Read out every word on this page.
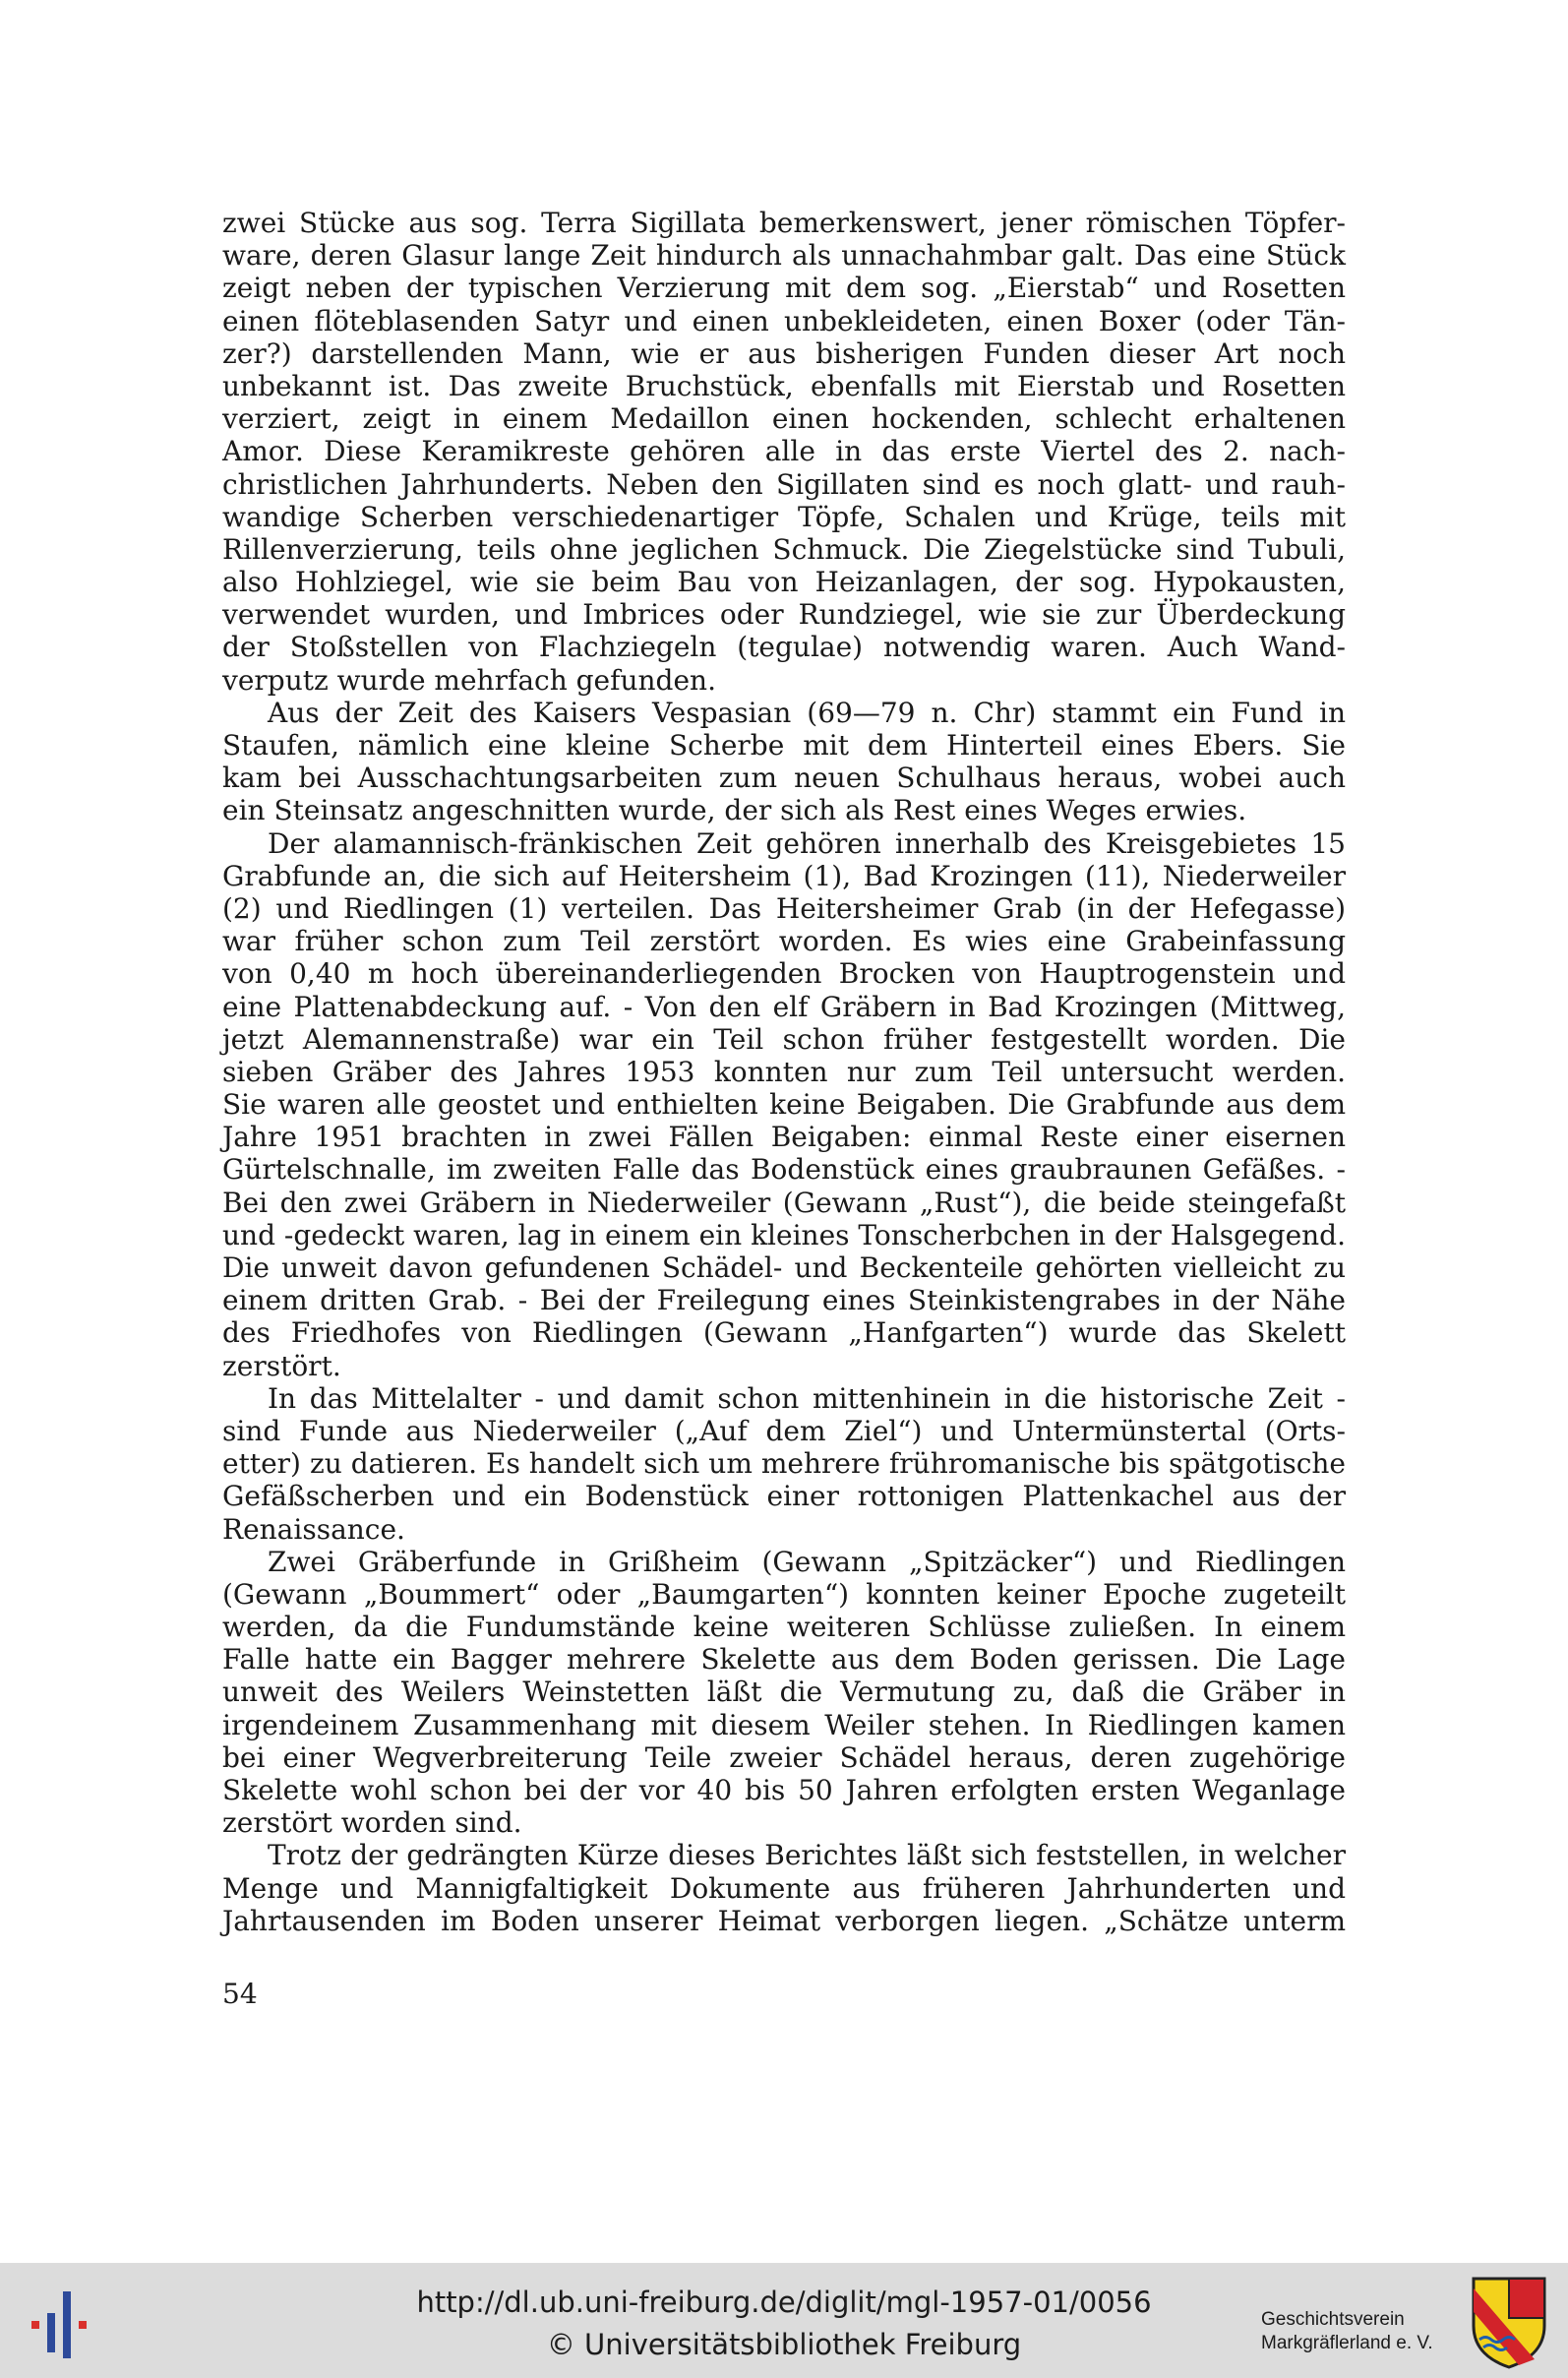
zwei Stücke aus sog. Terra Sigillata bemerkenswert, jener römischen Töpfer-
ware, deren Glasur lange Zeit hindurch als unnachahmbar galt. Das eine Stück
zeigt neben der typischen Verzierung mit dem sog. „Eierstab“ und Rosetten
einen flöteblasenden Satyr und einen unbekleideten, einen Boxer (oder Tän-
zer?) darstellenden Mann, wie er aus bisherigen Funden dieser Art noch
unbekannt ist. Das zweite Bruchstück, ebenfalls mit Eierstab und Rosetten
verziert, zeigt in einem Medaillon einen hockenden, schlecht erhaltenen
Amor. Diese Keramikreste gehören alle in das erste Viertel des 2. nach-
christlichen Jahrhunderts. Neben den Sigillaten sind es noch glatt- und rauh-
wandige Scherben verschiedenartiger Töpfe, Schalen und Krüge, teils mit
Rillenverzierung, teils ohne jeglichen Schmuck. Die Ziegelstücke sind Tubuli,
also Hohlziegel, wie sie beim Bau von Heizanlagen, der sog. Hypokausten,
verwendet wurden, und Imbrices oder Rundziegel, wie sie zur Überdeckung
der Stoßstellen von Flachziegeln (tegulae) notwendig waren. Auch Wand-
verputz wurde mehrfach gefunden.
Aus der Zeit des Kaisers Vespasian (69—79 n. Chr) stammt ein Fund in
Staufen, nämlich eine kleine Scherbe mit dem Hinterteil eines Ebers. Sie
kam bei Ausschachtungsarbeiten zum neuen Schulhaus heraus, wobei auch
ein Steinsatz angeschnitten wurde, der sich als Rest eines Weges erwies.
Der alamannisch-fränkischen Zeit gehören innerhalb des Kreisgebietes 15
Grabfunde an, die sich auf Heitersheim (1), Bad Krozingen (11), Niederweiler
(2) und Riedlingen (1) verteilen. Das Heitersheimer Grab (in der Hefegasse)
war früher schon zum Teil zerstört worden. Es wies eine Grabeinfassung
von 0,40 m hoch übereinanderliegenden Brocken von Hauptrogenstein und
eine Plattenabdeckung auf. - Von den elf Gräbern in Bad Krozingen (Mittweg,
jetzt Alemannenstraße) war ein Teil schon früher festgestellt worden. Die
sieben Gräber des Jahres 1953 konnten nur zum Teil untersucht werden.
Sie waren alle geostet und enthielten keine Beigaben. Die Grabfunde aus dem
Jahre 1951 brachten in zwei Fällen Beigaben: einmal Reste einer eisernen
Gürtelschnalle, im zweiten Falle das Bodenstück eines graubraunen Gefäßes. -
Bei den zwei Gräbern in Niederweiler (Gewann „Rust“), die beide steingefaßt
und -gedeckt waren, lag in einem ein kleines Tonscherbchen in der Halsgegend.
Die unweit davon gefundenen Schädel- und Beckenteile gehörten vielleicht zu
einem dritten Grab. - Bei der Freilegung eines Steinkistengrabes in der Nähe
des Friedhofes von Riedlingen (Gewann „Hanfgarten“) wurde das Skelett
zerstört.
In das Mittelalter - und damit schon mittenhinein in die historische Zeit -
sind Funde aus Niederweiler („Auf dem Ziel“) und Untermünstertal (Orts-
etter) zu datieren. Es handelt sich um mehrere frühromanische bis spätgotische
Gefäßscherben und ein Bodenstück einer rottonigen Plattenkachel aus der
Renaissance.
Zwei Gräberfunde in Grißheim (Gewann „Spitzäcker“) und Riedlingen
(Gewann „Boummert“ oder „Baumgarten“) konnten keiner Epoche zugeteilt
werden, da die Fundumstände keine weiteren Schlüsse zuließen. In einem
Falle hatte ein Bagger mehrere Skelette aus dem Boden gerissen. Die Lage
unweit des Weilers Weinstetten läßt die Vermutung zu, daß die Gräber in
irgendeinem Zusammenhang mit diesem Weiler stehen. In Riedlingen kamen
bei einer Wegverbreiterung Teile zweier Schädel heraus, deren zugehörige
Skelette wohl schon bei der vor 40 bis 50 Jahren erfolgten ersten Weganlage
zerstört worden sind.
Trotz der gedrängten Kürze dieses Berichtes läßt sich feststellen, in welcher
Menge und Mannigfaltigkeit Dokumente aus früheren Jahrhunderten und
Jahrtausenden im Boden unserer Heimat verborgen liegen. „Schätze unterm
54
http://dl.ub.uni-freiburg.de/diglit/mgl-1957-01/0056
© Universitätsbibliothek Freiburg
Geschichtsverein
Markgräflerland e. V.
